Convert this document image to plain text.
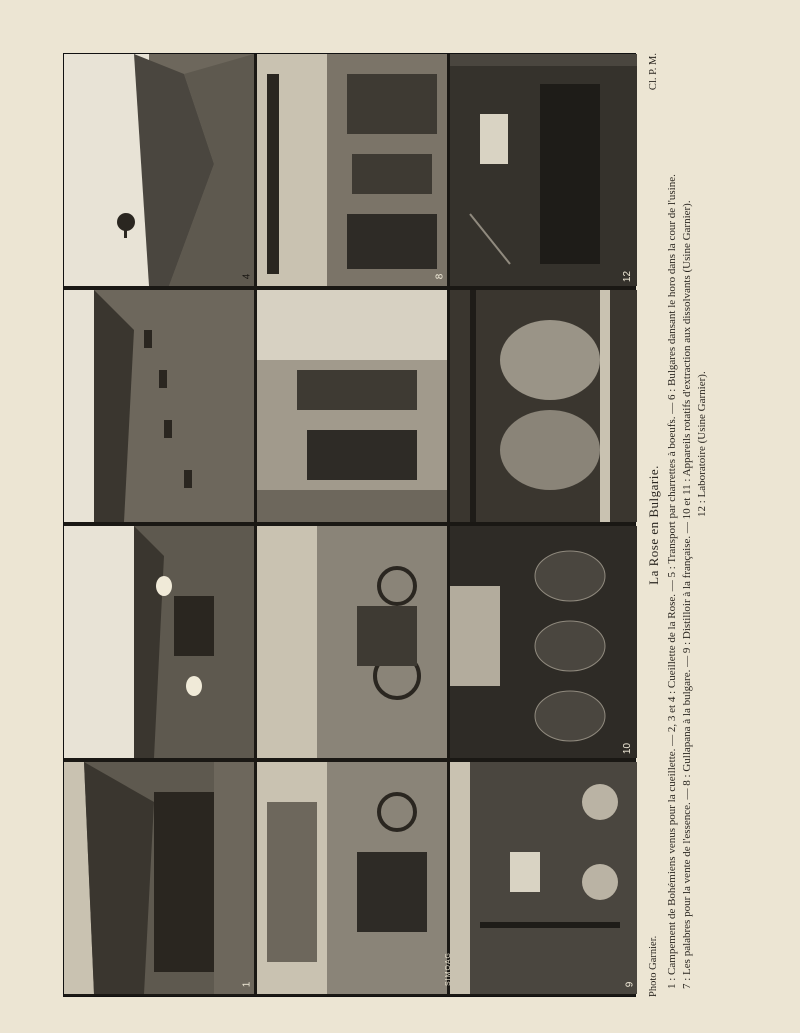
4	8	12
10
1	9
SIMOAG	Photo Garnier.
Cl. P. M.
La Rose en Bulgarie. 1 : Campement de Bohémiens venus pour la cueillette. — 2, 3 et 4 : Cueillette de la Rose. — 5 : Transport par charrettes à boeufs. — 6 : Bulgares dansant le horo dans la cour de l'usine. 7 : Les palabres pour la vente de l'essence. — 8 : Gullapana à la bulgare. — 9 : Distilloir à la française. — 10 et 11 : Appareils rotatifs d'extraction aux dissolvants (Usine Garnier). 12 : Laboratoire (Usine Garnier).
